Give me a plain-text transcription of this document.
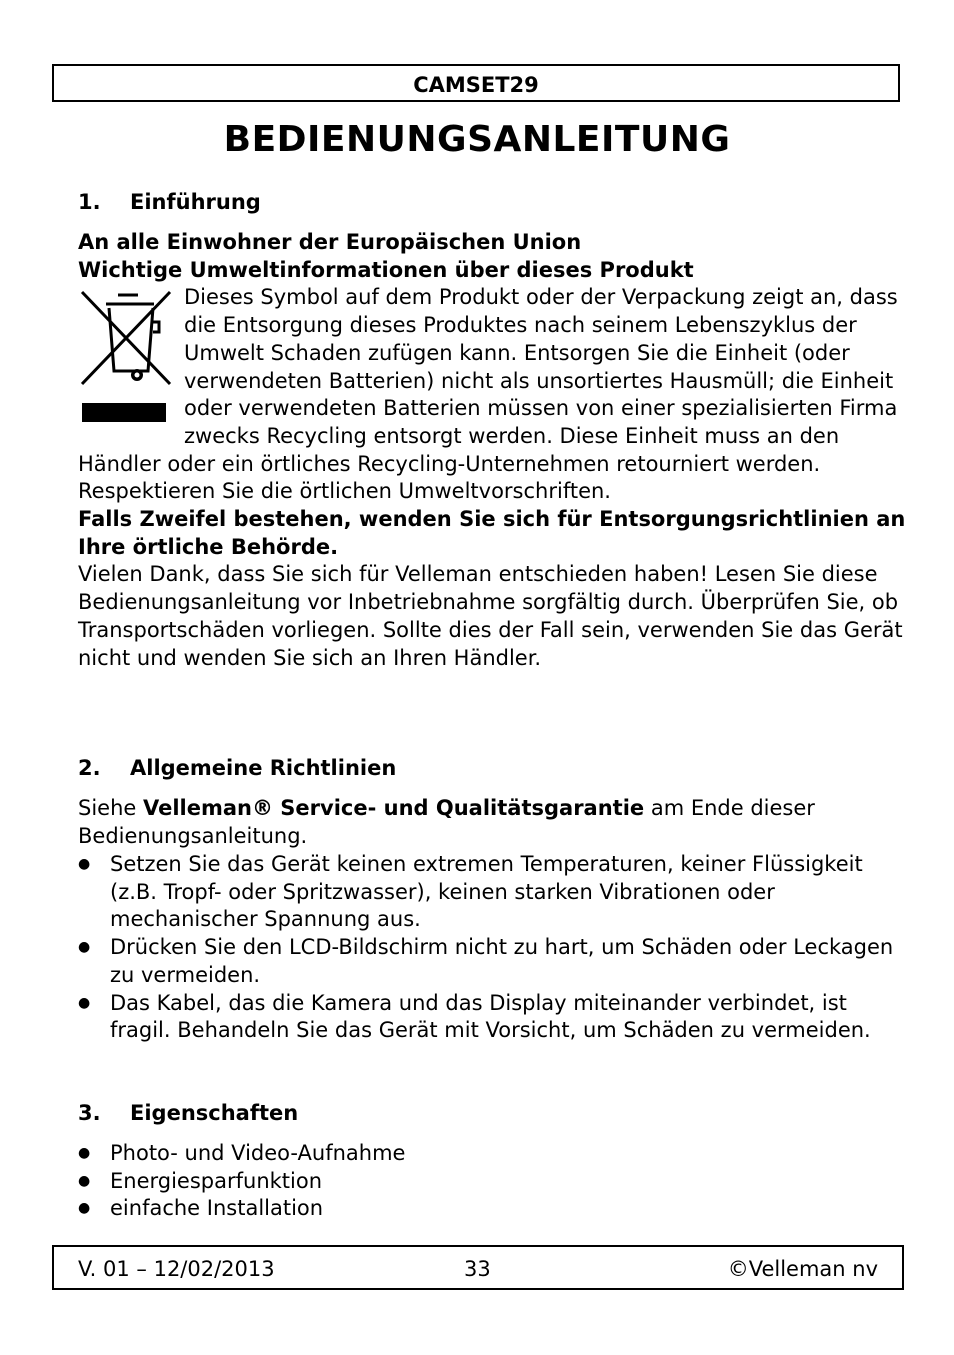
CAMSET29
BEDIENUNGSANLEITUNG
1. Einführung
An alle Einwohner der Europäischen Union
Wichtige Umweltinformationen über dieses Produkt
Dieses Symbol auf dem Produkt oder der Verpackung zeigt an, dass die Entsorgung dieses Produktes nach seinem Lebenszyklus der Umwelt Schaden zufügen kann. Entsorgen Sie die Einheit (oder verwendeten Batterien) nicht als unsortiertes Hausmüll; die Einheit oder verwendeten Batterien müssen von einer spezialisierten Firma zwecks Recycling entsorgt werden. Diese Einheit muss an den Händler oder ein örtliches Recycling-Unternehmen retourniert werden. Respektieren Sie die örtlichen Umweltvorschriften.
Falls Zweifel bestehen, wenden Sie sich für Entsorgungsrichtlinien an Ihre örtliche Behörde.
Vielen Dank, dass Sie sich für Velleman entschieden haben! Lesen Sie diese Bedienungsanleitung vor Inbetriebnahme sorgfältig durch. Überprüfen Sie, ob Transportschäden vorliegen. Sollte dies der Fall sein, verwenden Sie das Gerät nicht und wenden Sie sich an Ihren Händler.
2. Allgemeine Richtlinien
Siehe Velleman® Service- und Qualitätsgarantie am Ende dieser Bedienungsanleitung.
● Setzen Sie das Gerät keinen extremen Temperaturen, keiner Flüssigkeit (z.B. Tropf- oder Spritzwasser), keinen starken Vibrationen oder mechanischer Spannung aus.
● Drücken Sie den LCD-Bildschirm nicht zu hart, um Schäden oder Leckagen zu vermeiden.
● Das Kabel, das die Kamera und das Display miteinander verbindet, ist fragil. Behandeln Sie das Gerät mit Vorsicht, um Schäden zu vermeiden.
3. Eigenschaften
● Photo- und Video-Aufnahme
● Energiesparfunktion
● einfache Installation
V. 01 – 12/02/2013	33	©Velleman nv
